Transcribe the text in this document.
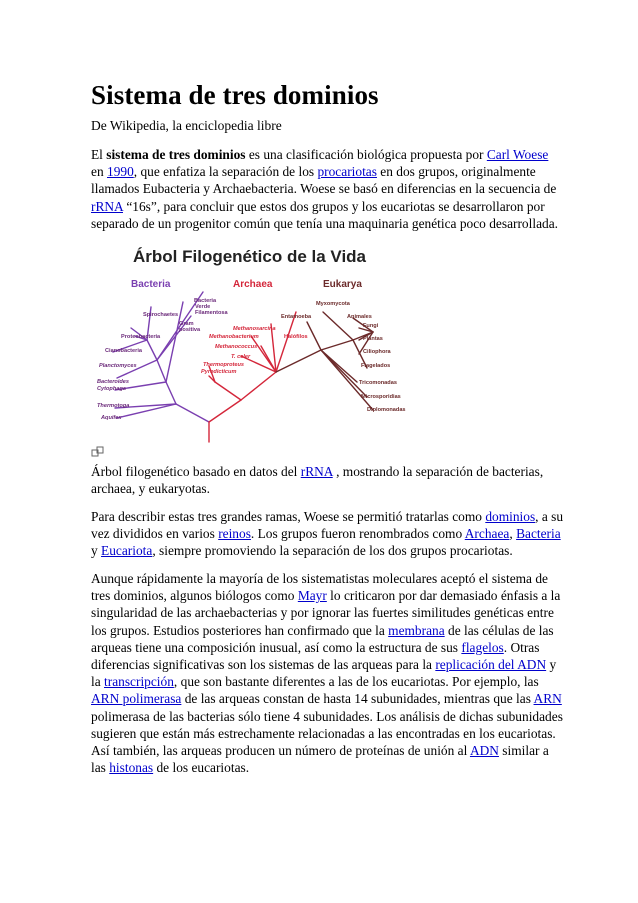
Sistema de tres dominios
De Wikipedia, la enciclopedia libre
El sistema de tres dominios es una clasificación biológica propuesta por Carl Woese
en 1990, que enfatiza la separación de los procariotas en dos grupos, originalmente
llamados Eubacteria y Archaebacteria. Woese se basó en diferencias en la secuencia de
rRNA “16s”, para concluir que estos dos grupos y los eucariotas se desarrollaron por
separado de un progenitor común que tenía una maquinaria genética poco desarrollada.
Árbol Filogenético de la Vida
Bacteria	Archaea	Eukarya
Spirochaetes
Bacteria
Verde
Filamentosa
Gram
positiva
Proteobacteria
Cianobacteria
Planctomyces
Bacteroides
Cytophaga
Thermotoga
Aquifex
Methanosarcina
Methanobacterium
Methanococcus
T. celer
Thermoproteus
Pyrodicticum
Halófilos
Myxomycota
Entamoeba	Animales
Fungi
Plantas
Ciliophora
Flagelados
Tricomonadas
Microsporidias
Diplomonadas
Árbol filogenético basado en datos del rRNA , mostrando la separación de bacterias,
archaea, y eukaryotas.
Para describir estas tres grandes ramas, Woese se permitió tratarlas como dominios, a su
vez divididos en varios reinos. Los grupos fueron renombrados como Archaea, Bacteria
y Eucariota, siempre promoviendo la separación de los dos grupos procariotas.
Aunque rápidamente la mayoría de los sistematistas moleculares aceptó el sistema de
tres dominios, algunos biólogos como Mayr lo criticaron por dar demasiado énfasis a la
singularidad de las archaebacterias y por ignorar las fuertes similitudes genéticas entre
los grupos. Estudios posteriores han confirmado que la membrana de las células de las
arqueas tiene una composición inusual, así como la estructura de sus flagelos. Otras
diferencias significativas son los sistemas de las arqueas para la replicación del ADN y
la transcripción, que son bastante diferentes a las de los eucariotas. Por ejemplo, las
ARN polimerasa de las arqueas constan de hasta 14 subunidades, mientras que las ARN
polimerasa de las bacterias sólo tiene 4 subunidades. Los análisis de dichas subunidades
sugieren que están más estrechamente relacionadas a las encontradas en los eucariotas.
Así también, las arqueas producen un número de proteínas de unión al ADN similar a
las histonas de los eucariotas.
